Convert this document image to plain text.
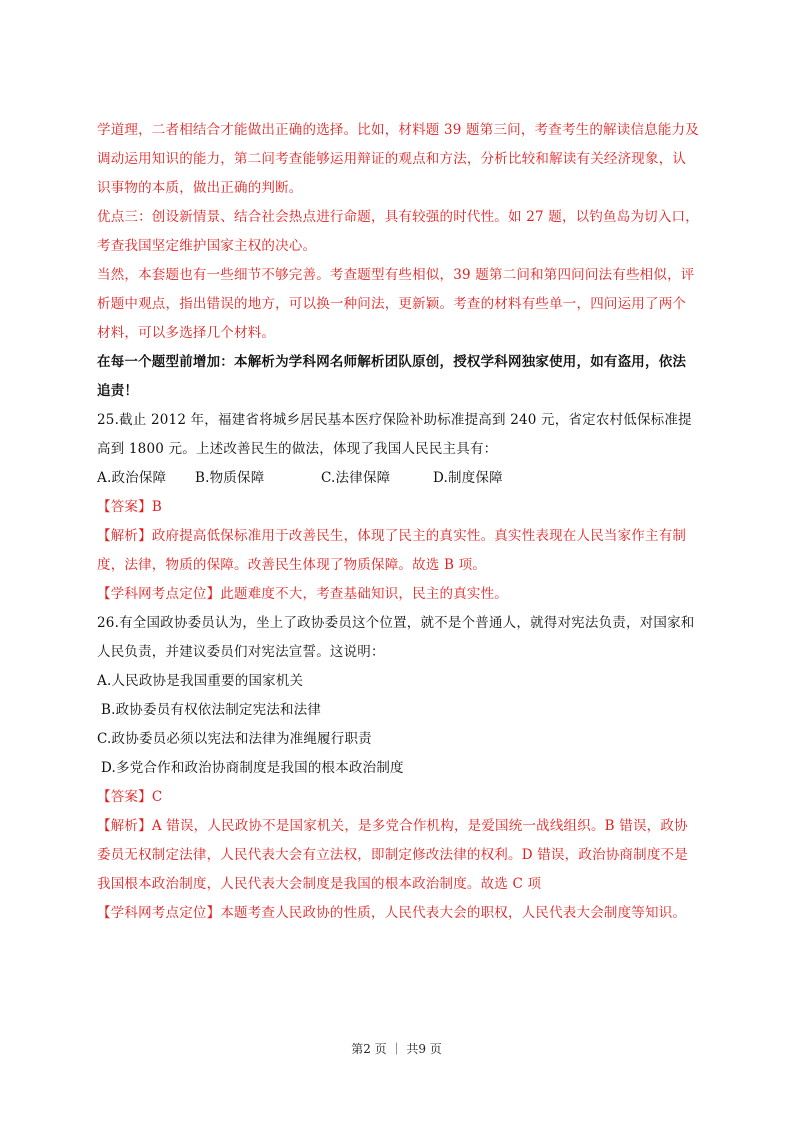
学道理，二者相结合才能做出正确的选择。比如，材料题 39 题第三问，考查考生的解读信息能力及调动运用知识的能力，第二问考查能够运用辩证的观点和方法，分析比较和解读有关经济现象，认识事物的本质，做出正确的判断。

优点三：创设新情景、结合社会热点进行命题，具有较强的时代性。如 27 题，以钓鱼岛为切入口，考查我国坚定维护国家主权的决心。

当然，本套题也有一些细节不够完善。考查题型有些相似，39 题第二问和第四问问法有些相似，评析题中观点，指出错误的地方，可以换一种问法，更新颖。考查的材料有些单一，四问运用了两个材料，可以多选择几个材料。

在每一个题型前增加：本解析为学科网名师解析团队原创，授权学科网独家使用，如有盗用，依法追责！

25.截止 2012 年，福建省将城乡居民基本医疗保险补助标准提高到 240 元，省定农村低保标准提高到 1800 元。上述改善民生的做法，体现了我国人民民主具有：

A.政治保障	B.物质保障	C.法律保障	D.制度保障

【答案】B

【解析】政府提高低保标准用于改善民生，体现了民主的真实性。真实性表现在人民当家作主有制度，法律，物质的保障。改善民生体现了物质保障。故选 B 项。

【学科网考点定位】此题难度不大，考查基础知识，民主的真实性。

26.有全国政协委员认为，坐上了政协委员这个位置，就不是个普通人，就得对宪法负责，对国家和人民负责，并建议委员们对宪法宣誓。这说明：

A.人民政协是我国重要的国家机关

B.政协委员有权依法制定宪法和法律

C.政协委员必须以宪法和法律为准绳履行职责

D.多党合作和政治协商制度是我国的根本政治制度

【答案】C

【解析】A 错误，人民政协不是国家机关，是多党合作机构，是爱国统一战线组织。B 错误，政协委员无权制定法律，人民代表大会有立法权，即制定修改法律的权利。D 错误，政治协商制度不是我国根本政治制度，人民代表大会制度是我国的根本政治制度。故选 C 项

【学科网考点定位】本题考查人民政协的性质，人民代表大会的职权，人民代表大会制度等知识。

第2 页 ｜ 共9 页
